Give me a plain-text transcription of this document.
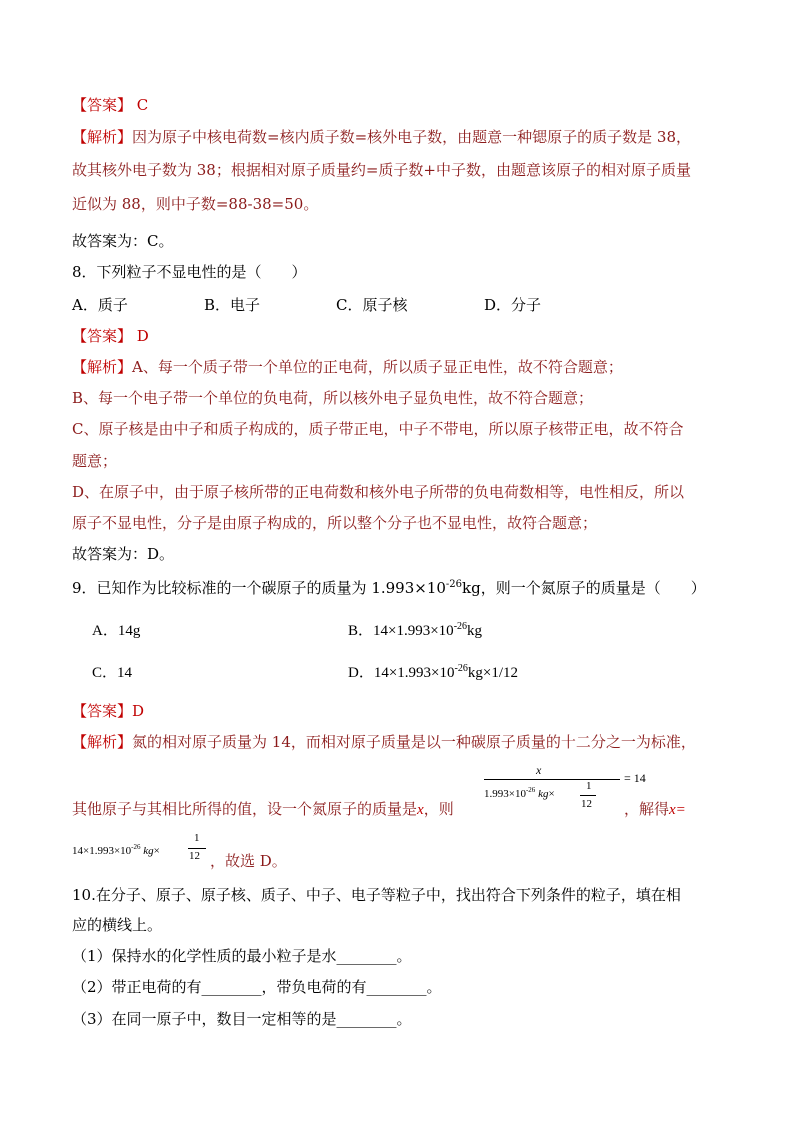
【答案】 C
【解析】因为原子中核电荷数=核内质子数=核外电子数，由题意一种锶原子的质子数是 38，
故其核外电子数为 38；根据相对原子质量约=质子数+中子数，由题意该原子的相对原子质量
近似为 88，则中子数=88-38=50。
故答案为：C。
8．下列粒子不显电性的是（　　）
A．质子	B．电子	C．原子核	D．分子
【答案】 D
【解析】A、每一个质子带一个单位的正电荷，所以质子显正电性，故不符合题意；
B、每一个电子带一个单位的负电荷，所以核外电子显负电性，故不符合题意；
C、原子核是由中子和质子构成的，质子带正电，中子不带电，所以原子核带正电，故不符合
题意；
D、在原子中，由于原子核所带的正电荷数和核外电子所带的负电荷数相等，电性相反，所以
原子不显电性，分子是由原子构成的，所以整个分子也不显电性，故符合题意；
故答案为：D。
9．已知作为比较标准的一个碳原子的质量为 $1.993\times 10^{-26}kg$，则一个氮原子的质量是（　　）
A．14g	B．$14\times 1.993\times 10^{-26}kg$
C．14	D．$14\times 1.993\times 10^{-26}kg\times 1/12$
【答案】D
【解析】氮的相对原子质量为 14，而相对原子质量是以一种碳原子质量的十二分之一为标准，
其他原子与其相比所得的值，设一个氮原子的质量是x，则
x
$1.993\times 10^{-26}$ kg×
1
12
= 14
，解得x=
$14\times 1.993\times 10^{-26}$ kg×
1
12 ，故选 D。
10.在分子、原子、原子核、质子、中子、电子等粒子中，找出符合下列条件的粒子，填在相
应的横线上。
（1）保持水的化学性质的最小粒子是水________。
（2）带正电荷的有________，带负电荷的有________。
（3）在同一原子中，数目一定相等的是________。
